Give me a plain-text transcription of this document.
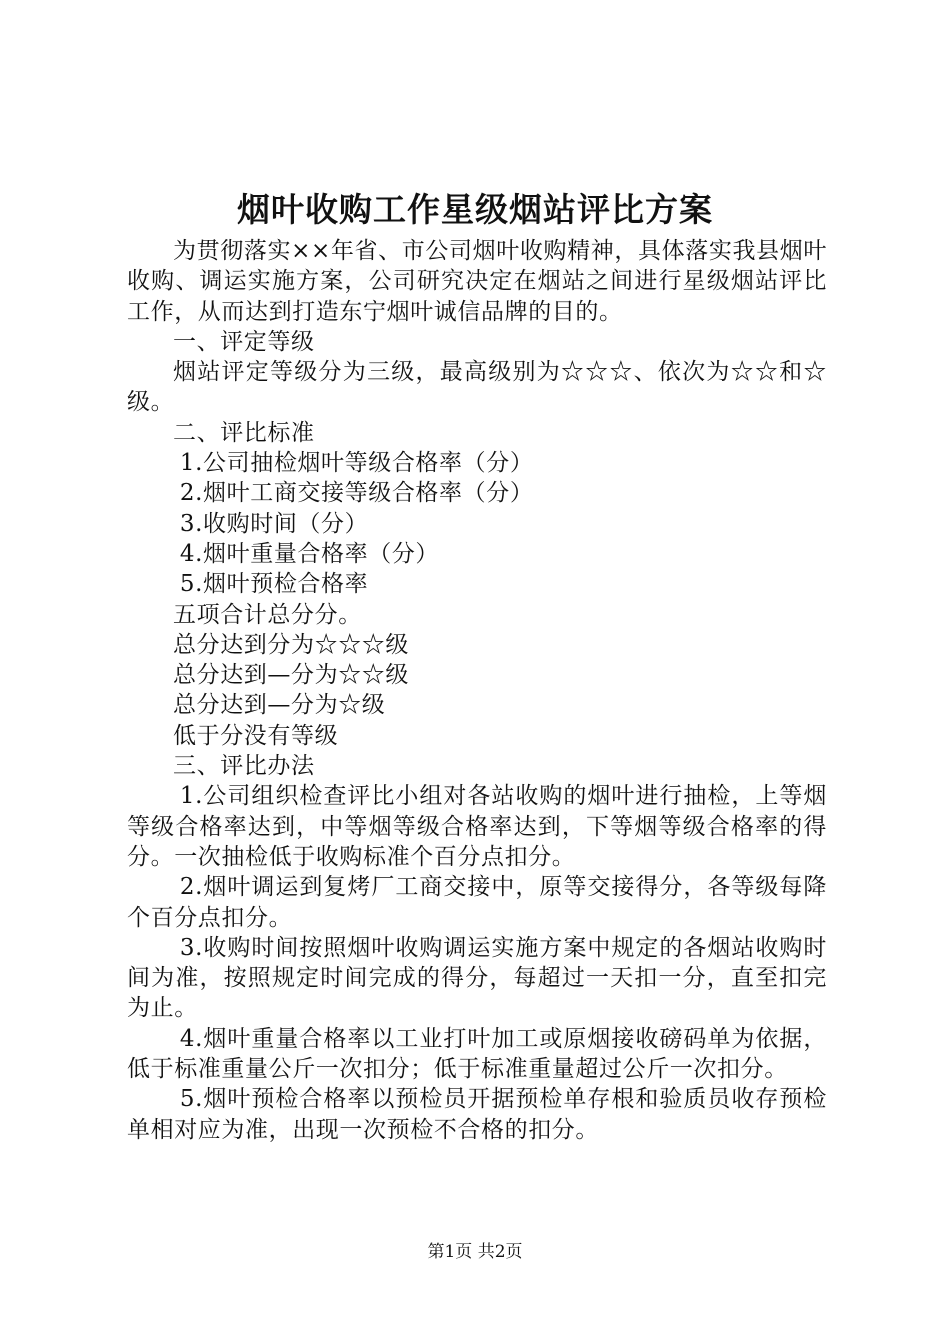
烟叶收购工作星级烟站评比方案

为贯彻落实××年省、市公司烟叶收购精神，具体落实我县烟叶收购、调运实施方案，公司研究决定在烟站之间进行星级烟站评比工作，从而达到打造东宁烟叶诚信品牌的目的。

一、评定等级

烟站评定等级分为三级，最高级别为☆☆☆、依次为☆☆和☆级。

二、评比标准

1.公司抽检烟叶等级合格率（分）

2.烟叶工商交接等级合格率（分）

3.收购时间（分）

4.烟叶重量合格率（分）

5.烟叶预检合格率

五项合计总分分。

总分达到分为☆☆☆级

总分达到—分为☆☆级

总分达到—分为☆级

低于分没有等级

三、评比办法

1.公司组织检查评比小组对各站收购的烟叶进行抽检，上等烟等级合格率达到，中等烟等级合格率达到，下等烟等级合格率的得分。一次抽检低于收购标准个百分点扣分。

2.烟叶调运到复烤厂工商交接中，原等交接得分，各等级每降个百分点扣分。

3.收购时间按照烟叶收购调运实施方案中规定的各烟站收购时间为准，按照规定时间完成的得分，每超过一天扣一分，直至扣完为止。

4.烟叶重量合格率以工业打叶加工或原烟接收磅码单为依据，低于标准重量公斤一次扣分；低于标准重量超过公斤一次扣分。

5.烟叶预检合格率以预检员开据预检单存根和验质员收存预检单相对应为准，出现一次预检不合格的扣分。

第1页 共2页
